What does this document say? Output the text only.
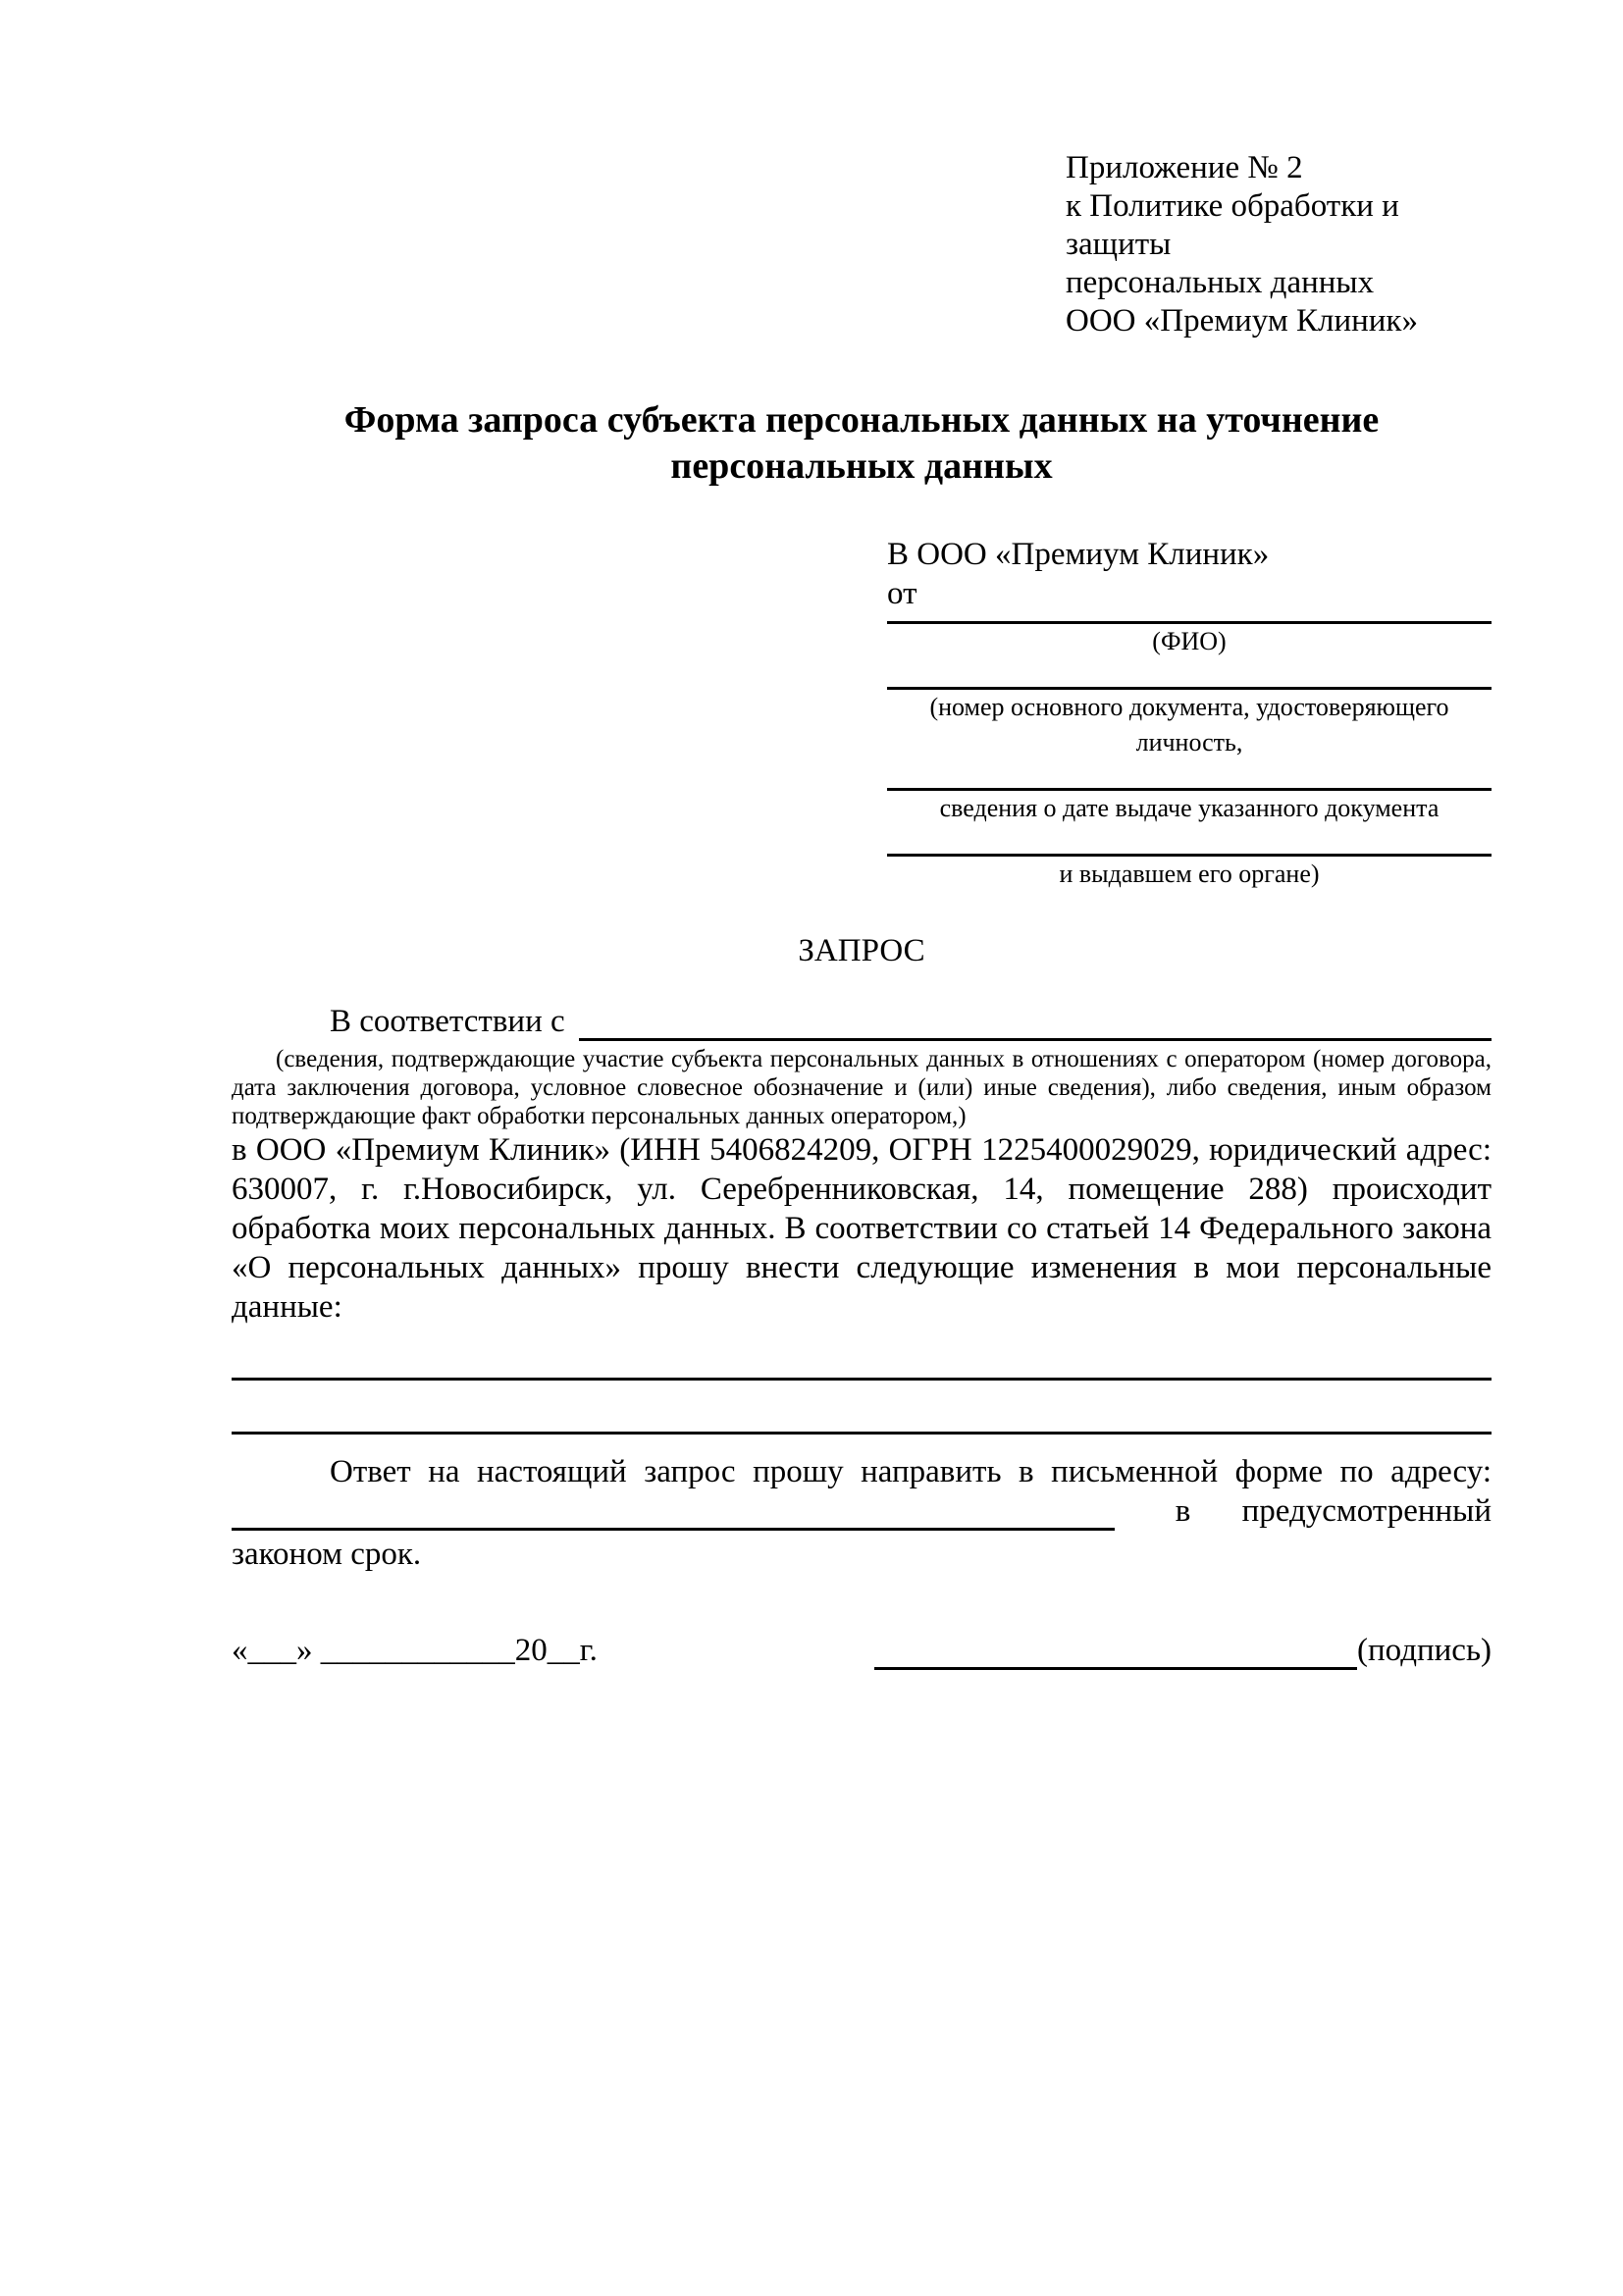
Приложение № 2
к Политике обработки и защиты
персональных данных
ООО «Премиум Клиник»
Форма запроса субъекта персональных данных на уточнение персональных данных
В ООО «Премиум Клиник»
от
(ФИО)
(номер основного документа, удостоверяющего личность,
сведения о дате выдаче указанного документа
и выдавшем его органе)
ЗАПРОС
В соответствии с
(сведения, подтверждающие участие субъекта персональных данных в отношениях с оператором (номер договора, дата заключения договора, условное словесное обозначение и (или) иные сведения), либо сведения, иным образом подтверждающие факт обработки персональных данных оператором,)
в ООО «Премиум Клиник» (ИНН 5406824209, ОГРН 1225400029029, юридический адрес: 630007, г. г.Новосибирск, ул. Серебренниковская, 14, помещение 288) происходит обработка моих персональных данных. В соответствии со статьей 14 Федерального закона «О персональных данных» прошу внести следующие изменения в мои персональные данные:
Ответ на настоящий запрос прошу направить в письменной форме по адресу:
в предусмотренный
законом срок.
«___» ____________20__г.	(подпись)
